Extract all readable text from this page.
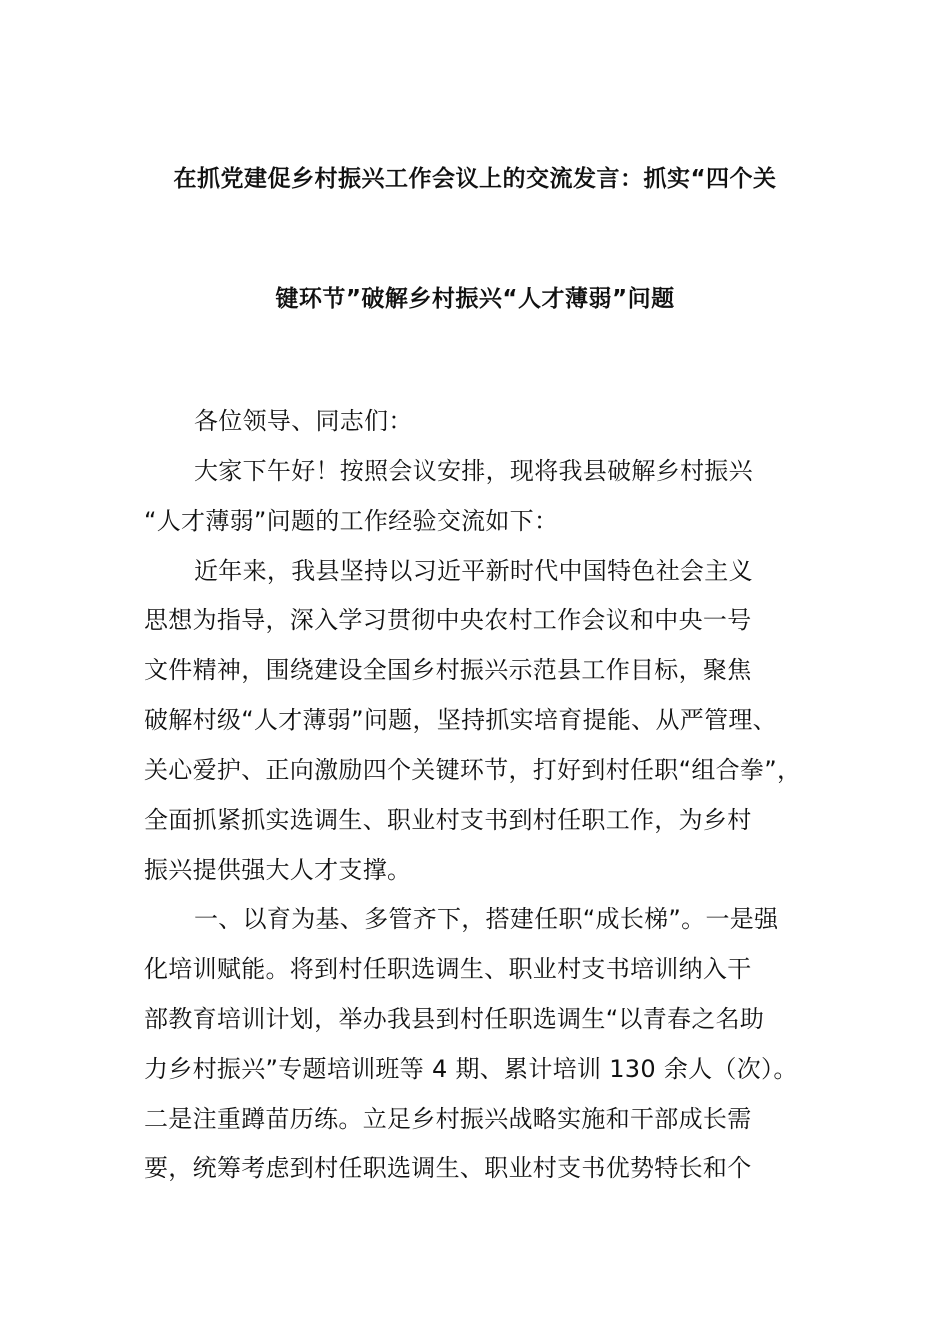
在抓党建促乡村振兴工作会议上的交流发言：抓实“四个关
键环节”破解乡村振兴“人才薄弱”问题
各位领导、同志们：
大家下午好！按照会议安排，现将我县破解乡村振兴
“人才薄弱”问题的工作经验交流如下：
近年来，我县坚持以习近平新时代中国特色社会主义
思想为指导，深入学习贯彻中央农村工作会议和中央一号
文件精神，围绕建设全国乡村振兴示范县工作目标，聚焦
破解村级“人才薄弱”问题，坚持抓实培育提能、从严管理、
关心爱护、正向激励四个关键环节，打好到村任职“组合拳”，
全面抓紧抓实选调生、职业村支书到村任职工作，为乡村
振兴提供强大人才支撑。
一、以育为基、多管齐下，搭建任职“成长梯”。一是强
化培训赋能。将到村任职选调生、职业村支书培训纳入干
部教育培训计划，举办我县到村任职选调生“以青春之名助
力乡村振兴”专题培训班等 4 期、累计培训 130 余人（次）。
二是注重蹲苗历练。立足乡村振兴战略实施和干部成长需
要，统筹考虑到村任职选调生、职业村支书优势特长和个
